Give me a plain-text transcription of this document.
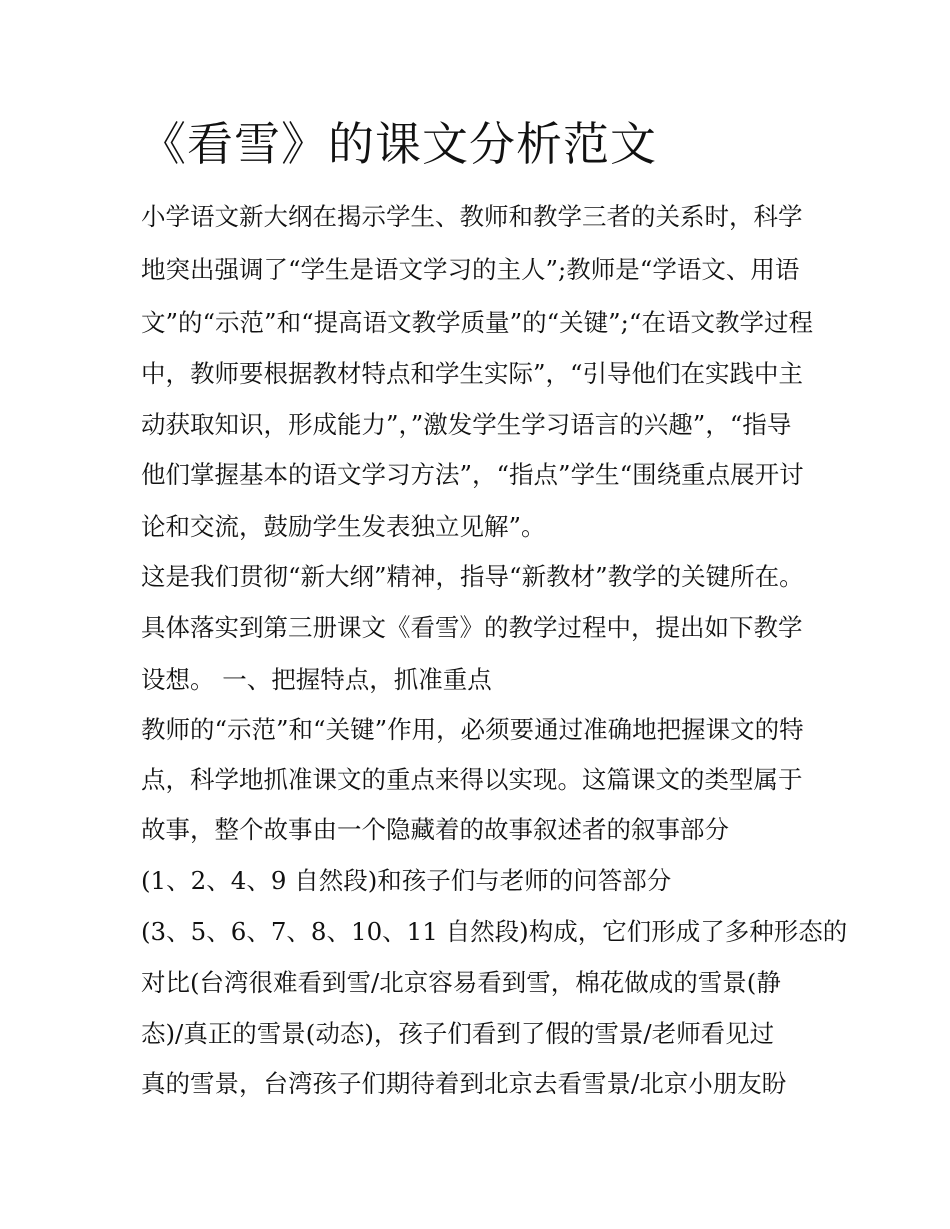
《看雪》的课文分析范文
小学语文新大纲在揭示学生、教师和教学三者的关系时，科学
地突出强调了“学生是语文学习的主人”;教师是“学语文、用语
文”的“示范”和“提高语文教学质量”的“关键”;“在语文教学过程
中，教师要根据教材特点和学生实际”，“引导他们在实践中主
动获取知识，形成能力”，”激发学生学习语言的兴趣”，“指导
他们掌握基本的语文学习方法”，“指点”学生“围绕重点展开讨
论和交流，鼓励学生发表独立见解”。
这是我们贯彻“新大纲”精神，指导“新教材”教学的关键所在。
具体落实到第三册课文《看雪》的教学过程中，提出如下教学
设想。 一、把握特点，抓准重点
教师的“示范”和“关键”作用，必须要通过准确地把握课文的特
点，科学地抓准课文的重点来得以实现。这篇课文的类型属于
故事，整个故事由一个隐藏着的故事叙述者的叙事部分
(1、2、4、9 自然段)和孩子们与老师的问答部分
(3、5、6、7、8、10、11 自然段)构成，它们形成了多种形态的
对比(台湾很难看到雪/北京容易看到雪，棉花做成的雪景(静
态)/真正的雪景(动态)，孩子们看到了假的雪景/老师看见过
真的雪景，台湾孩子们期待着到北京去看雪景/北京小朋友盼
